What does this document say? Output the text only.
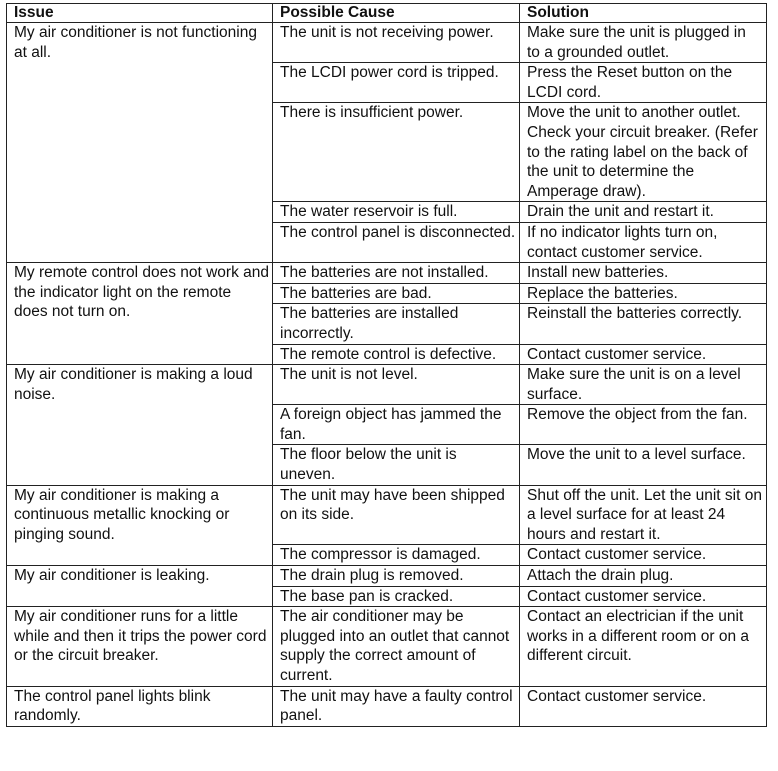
Issue	Possible Cause	Solution
My air conditioner is not functioning at all.	The unit is not receiving power.	Make sure the unit is plugged in to a grounded outlet.
	The LCDI power cord is tripped.	Press the Reset button on the LCDI cord.
	There is insufficient power.	Move the unit to another outlet. Check your circuit breaker. (Refer to the rating label on the back of the unit to determine the Amperage draw).
	The water reservoir is full.	Drain the unit and restart it.
	The control panel is disconnected.	If no indicator lights turn on, contact customer service.
My remote control does not work and the indicator light on the remote does not turn on.	The batteries are not installed.	Install new batteries.
	The batteries are bad.	Replace the batteries.
	The batteries are installed incorrectly.	Reinstall the batteries correctly.
	The remote control is defective.	Contact customer service.
My air conditioner is making a loud noise.	The unit is not level.	Make sure the unit is on a level surface.
	A foreign object has jammed the fan.	Remove the object from the fan.
	The floor below the unit is uneven.	Move the unit to a level surface.
My air conditioner is making a continuous metallic knocking or pinging sound.	The unit may have been shipped on its side.	Shut off the unit. Let the unit sit on a level surface for at least 24 hours and restart it.
	The compressor is damaged.	Contact customer service.
My air conditioner is leaking.	The drain plug is removed.	Attach the drain plug.
	The base pan is cracked.	Contact customer service.
My air conditioner runs for a little while and then it trips the power cord or the circuit breaker.	The air conditioner may be plugged into an outlet that cannot supply the correct amount of current.	Contact an electrician if the unit works in a different room or on a different circuit.
The control panel lights blink randomly.	The unit may have a faulty control panel.	Contact customer service.
